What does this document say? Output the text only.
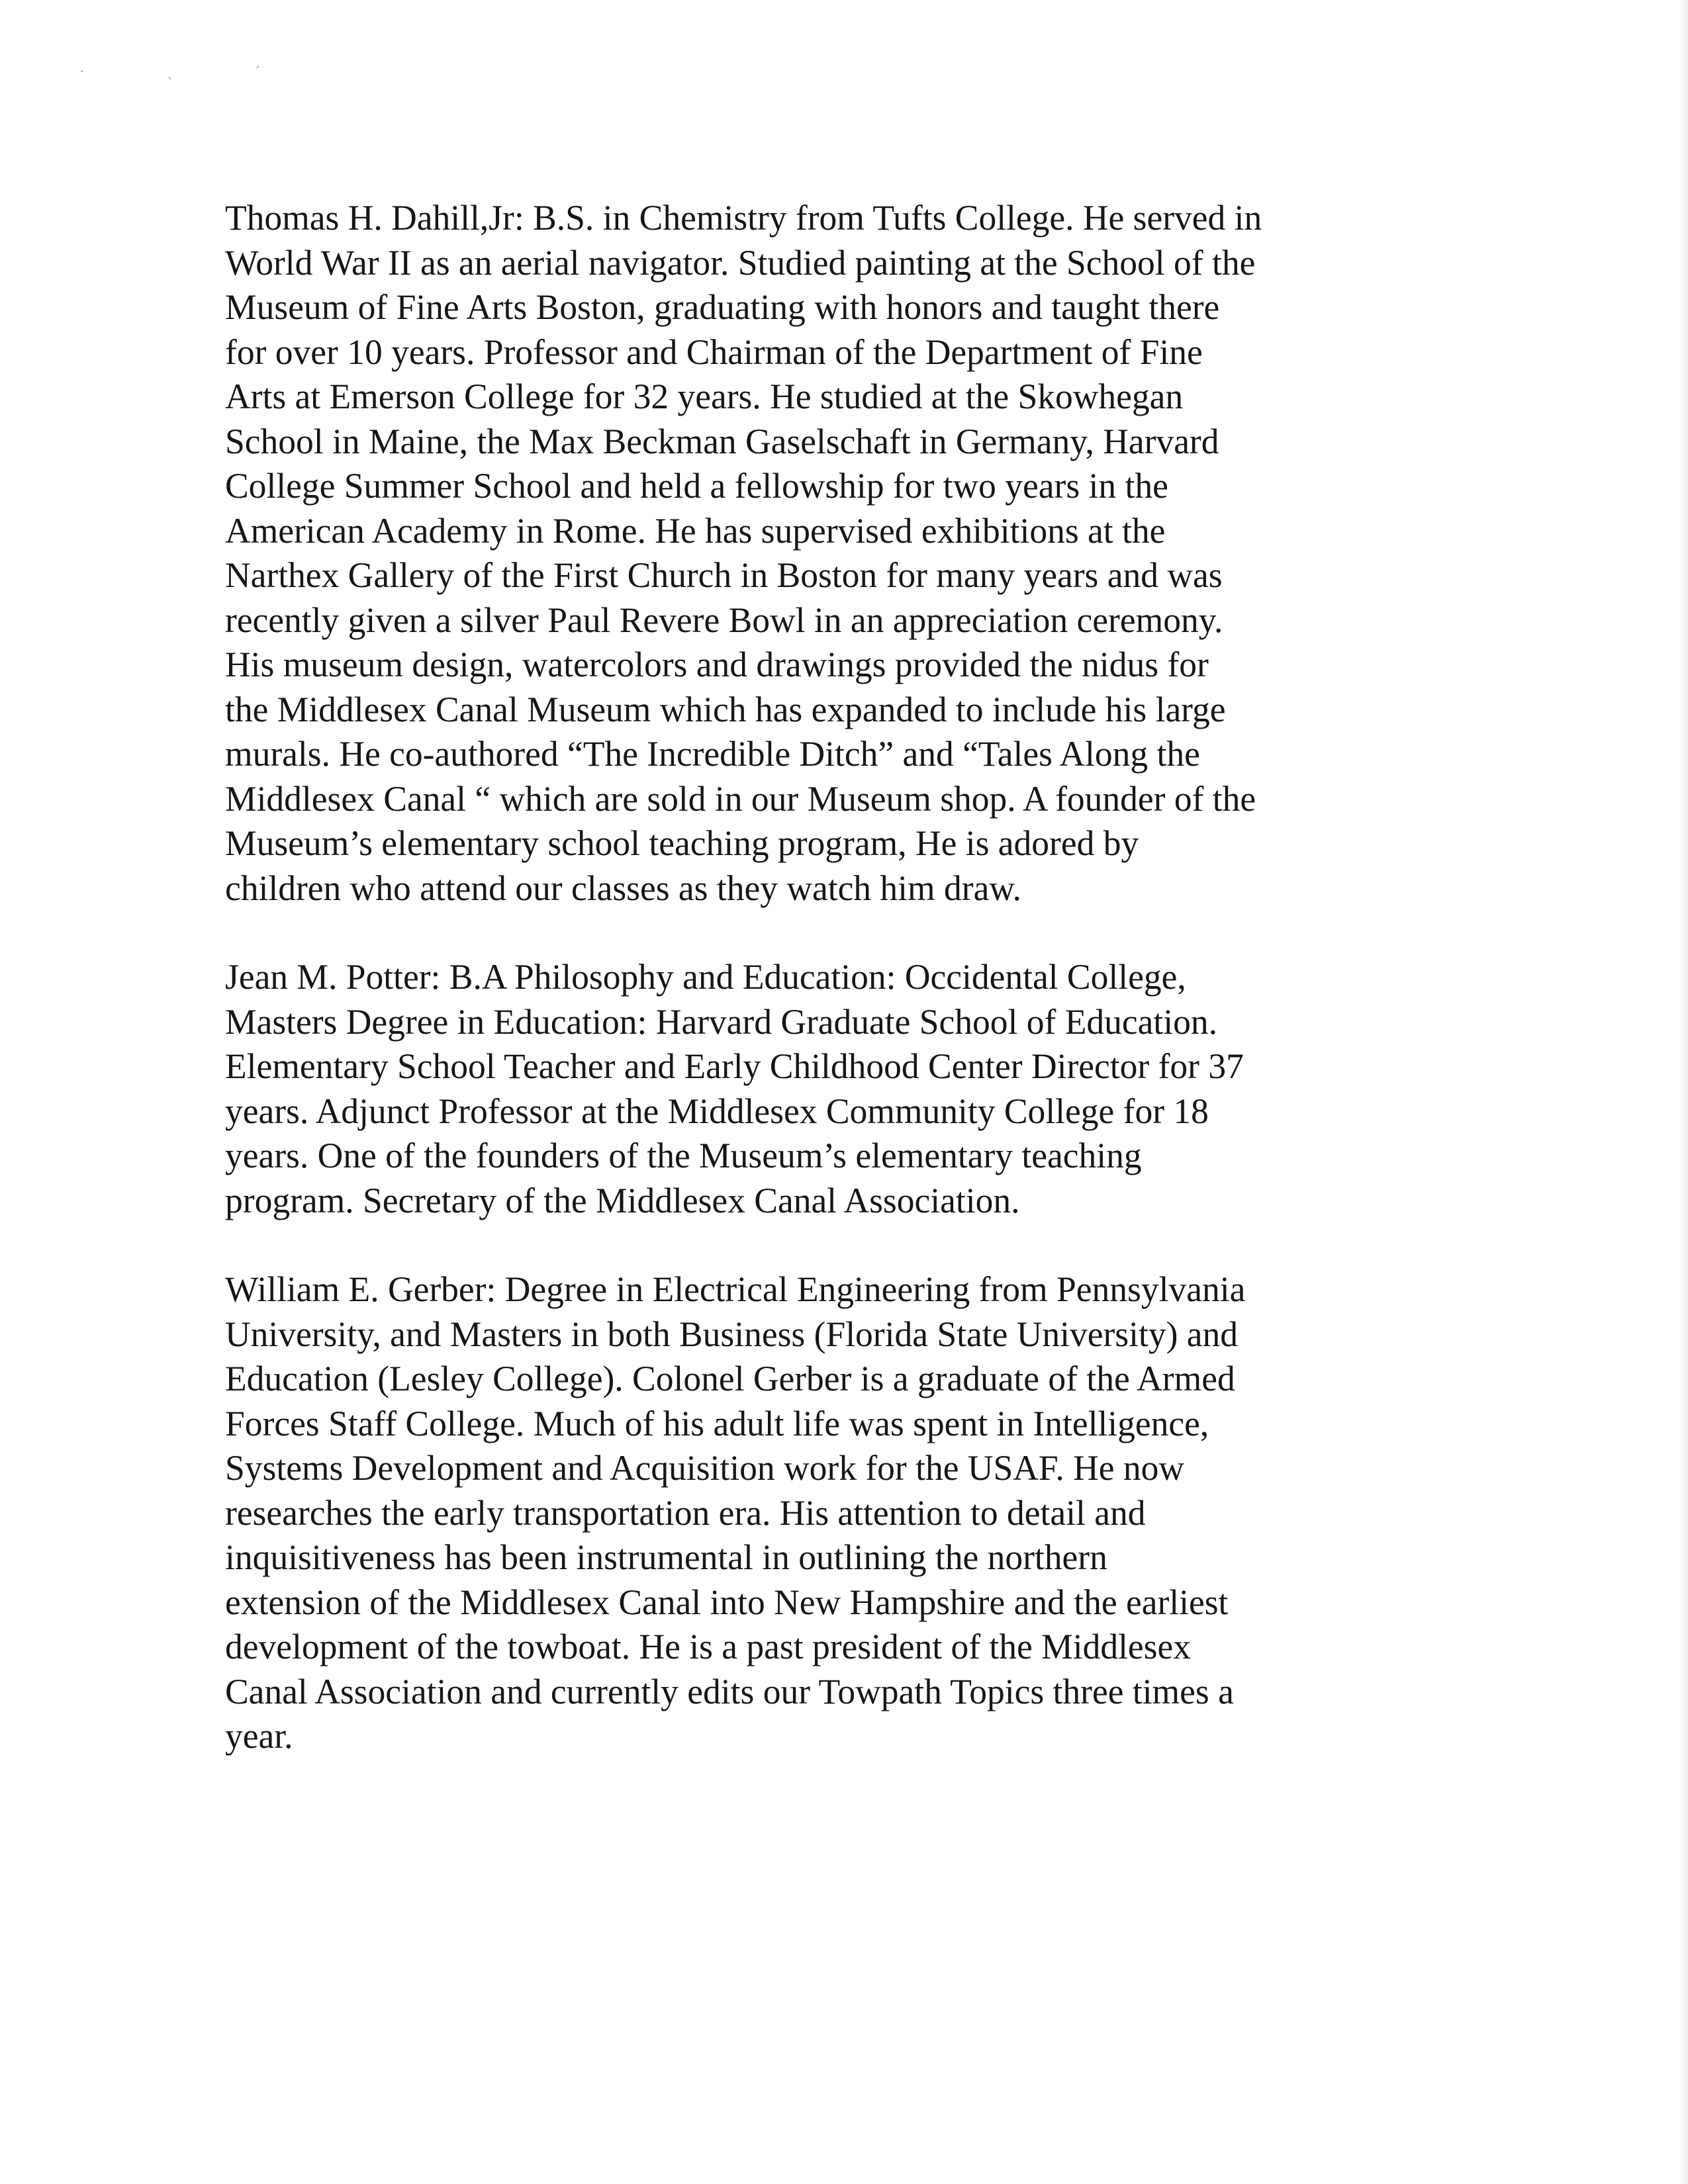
· ˏ ˊ

Thomas H. Dahill,Jr: B.S. in Chemistry from Tufts College. He served in
World War II as an aerial navigator. Studied painting at the School of the
Museum of Fine Arts Boston, graduating with honors and taught there
for over 10 years. Professor and Chairman of the Department of Fine
Arts at Emerson College for 32 years. He studied at the Skowhegan
School in Maine, the Max Beckman Gaselschaft in Germany, Harvard
College Summer School and held a fellowship for two years in the
American Academy in Rome. He has supervised exhibitions at the
Narthex Gallery of the First Church in Boston for many years and was
recently given a silver Paul Revere Bowl in an appreciation ceremony.
His museum design, watercolors and drawings provided the nidus for
the Middlesex Canal Museum which has expanded to include his large
murals. He co-authored “The Incredible Ditch” and “Tales Along the
Middlesex Canal “ which are sold in our Museum shop. A founder of the
Museum’s elementary school teaching program, He is adored by
children who attend our classes as they watch him draw.

Jean M. Potter: B.A Philosophy and Education: Occidental College,
Masters Degree in Education: Harvard Graduate School of Education.
Elementary School Teacher and Early Childhood Center Director for 37
years. Adjunct Professor at the Middlesex Community College for 18
years. One of the founders of the Museum’s elementary teaching
program. Secretary of the Middlesex Canal Association.

William E. Gerber: Degree in Electrical Engineering from Pennsylvania
University, and Masters in both Business (Florida State University) and
Education (Lesley College). Colonel Gerber is a graduate of the Armed
Forces Staff College. Much of his adult life was spent in Intelligence,
Systems Development and Acquisition work for the USAF. He now
researches the early transportation era. His attention to detail and
inquisitiveness has been instrumental in outlining the northern
extension of the Middlesex Canal into New Hampshire and the earliest
development of the towboat. He is a past president of the Middlesex
Canal Association and currently edits our Towpath Topics three times a
year.
